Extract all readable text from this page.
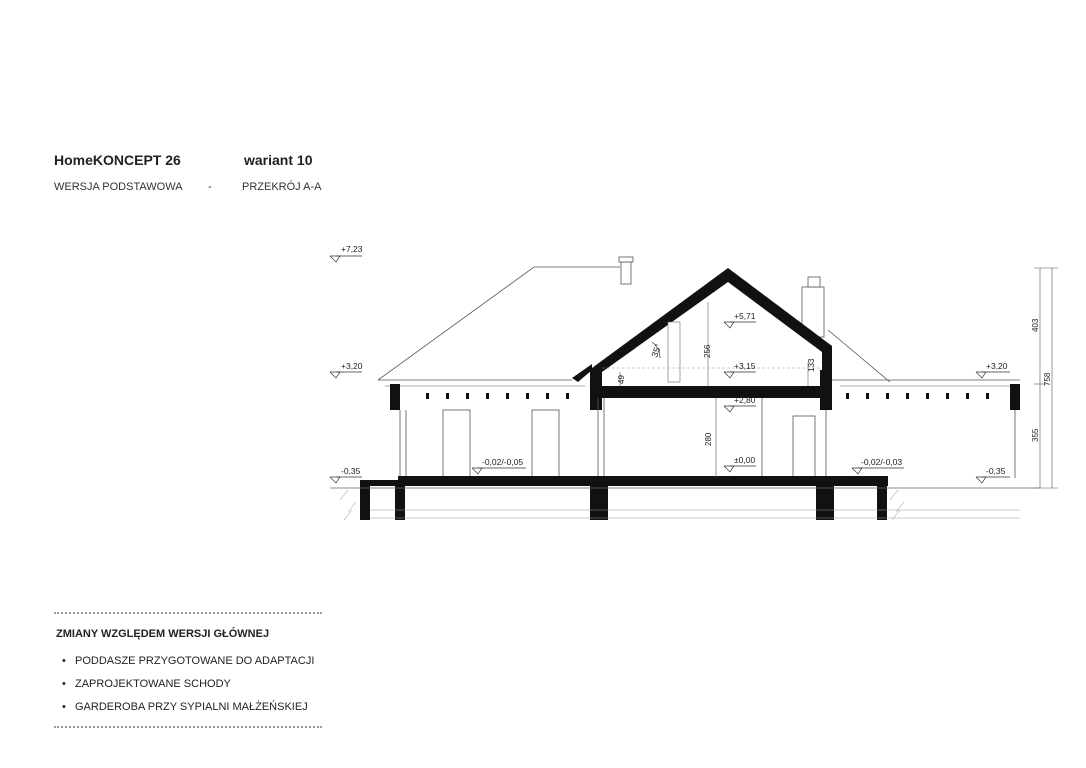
HomeKONCEPT 26	wariant 10
WERSJA PODSTAWOWA -	PRZEKRÓJ A-A
35°
+7,23
+3,20
-0,35
-0,02/-0,05	-0,02/-0,03
+3,20
-0,35
+5,71
+3,15
+2,80
±0,00
256
133
49
280
403
758
355
ZMIANY WZGLĘDEM WERSJI GŁÓWNEJ
• PODDASZE PRZYGOTOWANE DO ADAPTACJI
• ZAPROJEKTOWANE SCHODY
• GARDEROBA PRZY SYPIALNI MAŁŻEŃSKIEJ
